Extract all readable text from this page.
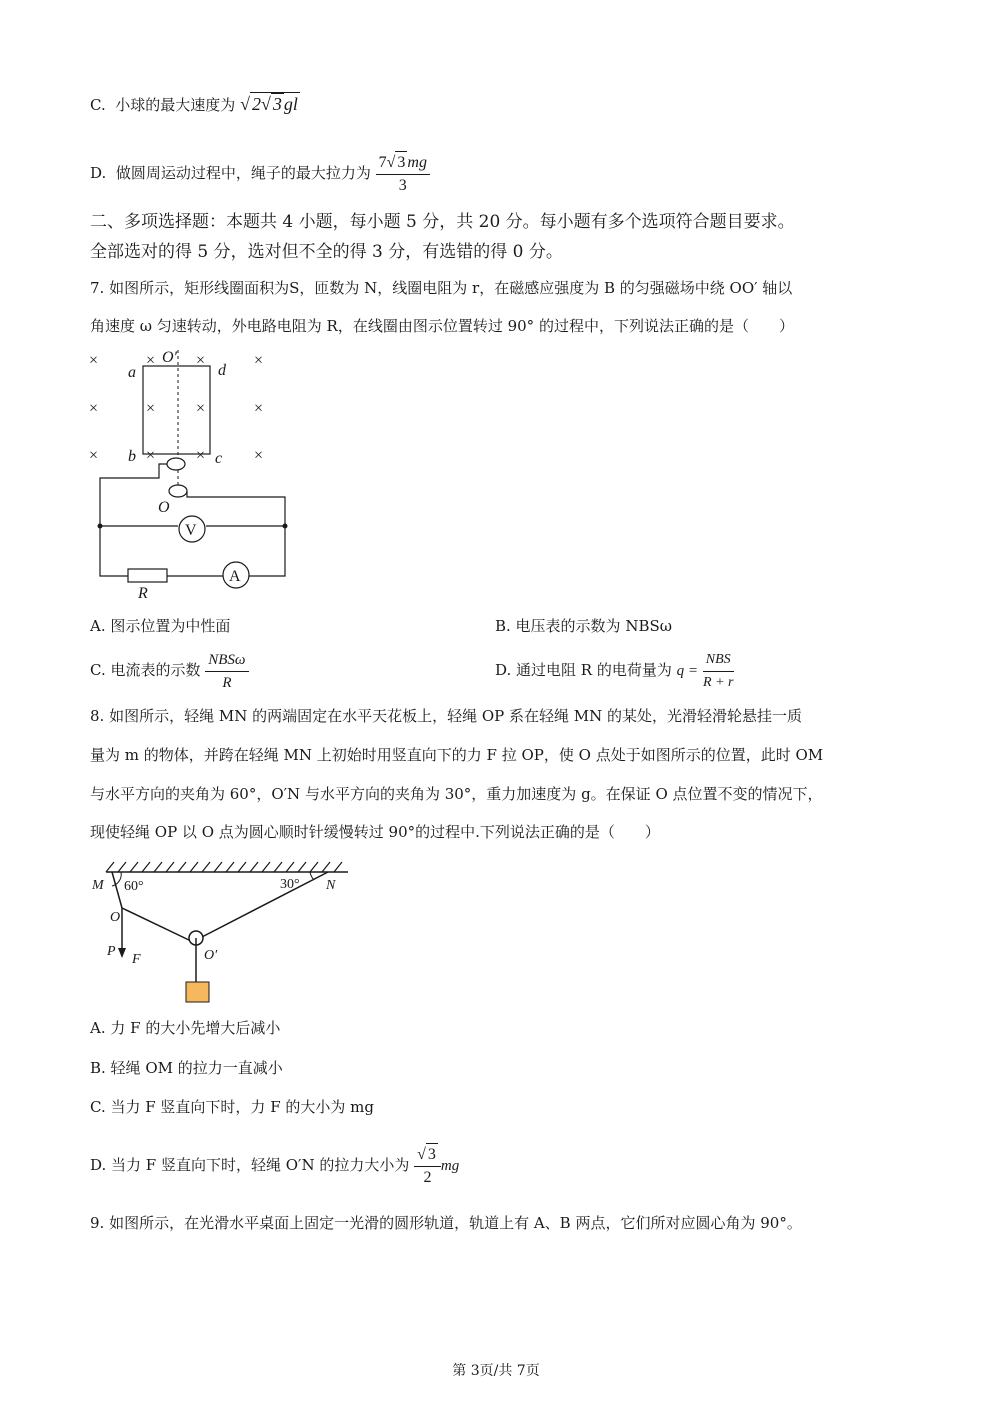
C. 小球的最大速度为 √ 2√ 3 gl
D. 做圆周运动过程中，绳子的最大拉力为 $\frac{7√ 3 mg}{3}$
二、多项选择题：本题共 4 小题，每小题 5 分，共 20 分。每小题有多个选项符合题目要求。
全部选对的得 5 分，选对但不全的得 3 分，有选错的得 0 分。
7. 如图所示，矩形线圈面积为S，匝数为 N，线圈电阻为 r，在磁感应强度为 B 的匀强磁场中绕 OO′ 轴以
角速度 ω 匀速转动，外电路电阻为 R，在线圈由图示位置转过 90° 的过程中，下列说法正确的是（　　）
×	×	×	×
×	×	×	×
×	×	×	×
a	d
b	c
O
O′
R
V
A
A. 图示位置为中性面	B. 电压表的示数为 NBSω
C. 电流表的示数 $\frac{\text{NBSω}}{R}$	D. 通过电阻 R 的电荷量为 $q = \frac{\text{NBS}}{R + r}$
8. 如图所示，轻绳 MN 的两端固定在水平天花板上，轻绳 OP 系在轻绳 MN 的某处，光滑轻滑轮悬挂一质
量为 m 的物体，并跨在轻绳 MN 上初始时用竖直向下的力 F 拉 OP，使 O 点处于如图所示的位置，此时 OM
与水平方向的夹角为 60°，O′N 与水平方向的夹角为 30°，重力加速度为 g。在保证 O 点位置不变的情况下，
现使轻绳 OP 以 O 点为圆心顺时针缓慢转过 90°的过程中.下列说法正确的是（　　）
M	N
O
P
F	O′
60°	30°
A. 力 F 的大小先增大后减小
B. 轻绳 OM 的拉力一直减小
C. 当力 F 竖直向下时，力 F 的大小为 mg
D. 当力 F 竖直向下时，轻绳 O′N 的拉力大小为 $\frac{√ 3}{2}$ mg
9. 如图所示，在光滑水平桌面上固定一光滑的圆形轨道，轨道上有 A、B 两点，它们所对应圆心角为 90°。
第 3页/共 7页
